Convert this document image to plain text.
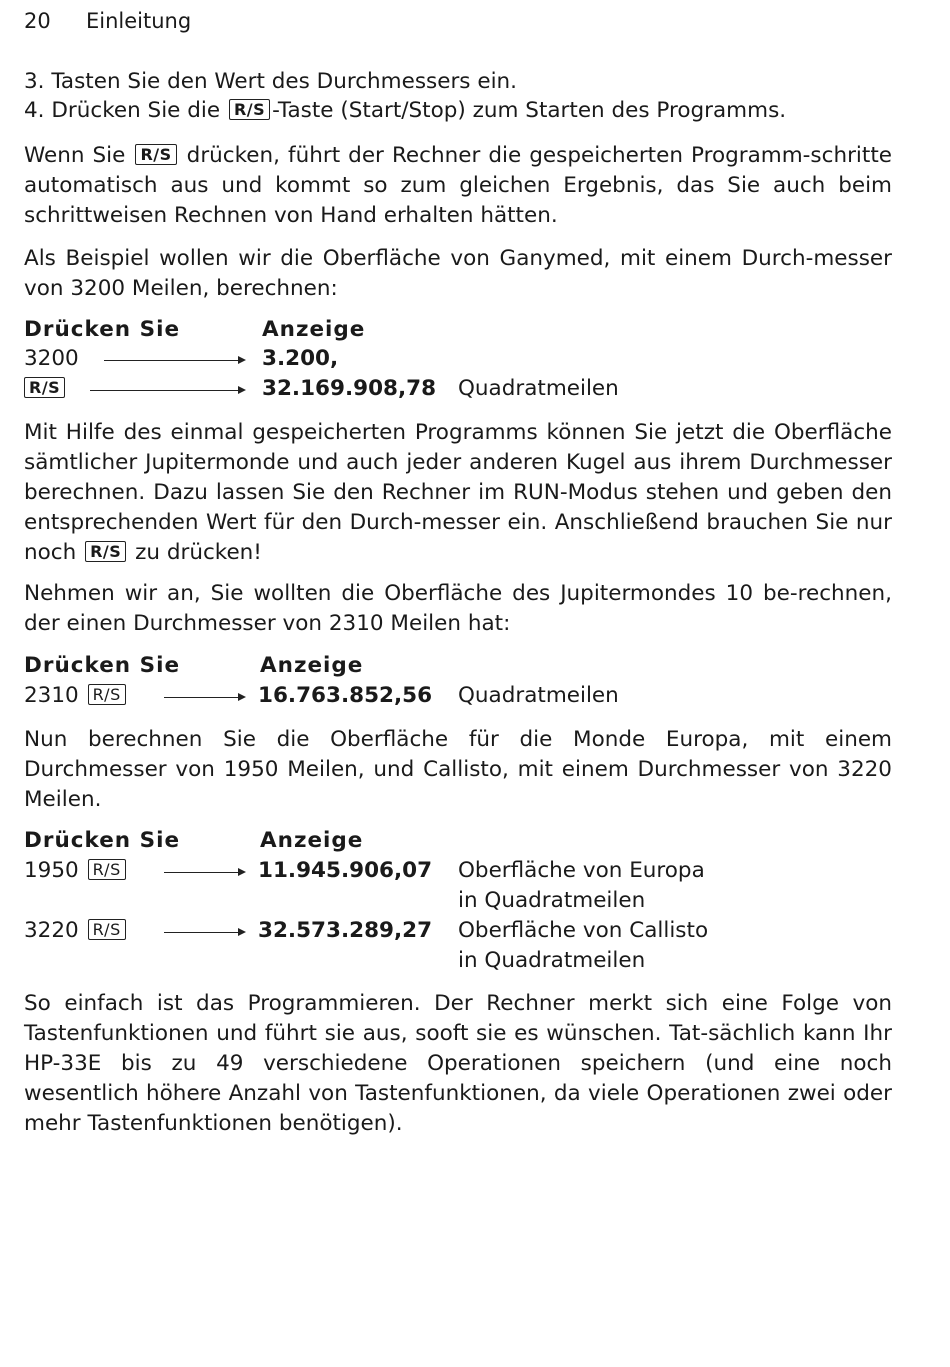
20 Einleitung
3. Tasten Sie den Wert des Durchmessers ein.
4. Drücken Sie die R/S -Taste (Start/Stop) zum Starten des Programms.

Wenn Sie R/S drücken, führt der Rechner die gespeicherten Programm-schritte automatisch aus und kommt so zum gleichen Ergebnis, das Sie auch beim schrittweisen Rechnen von Hand erhalten hätten.

Als Beispiel wollen wir die Oberfläche von Ganymed, mit einem Durch-messer von 3200 Meilen, berechnen:

Drücken Sie	Anzeige
3200	3.200,
R/S	32.169.908,78 Quadratmeilen

Mit Hilfe des einmal gespeicherten Programms können Sie jetzt die Oberfläche sämtlicher Jupitermonde und auch jeder anderen Kugel aus ihrem Durchmesser berechnen. Dazu lassen Sie den Rechner im RUN-Modus stehen und geben den entsprechenden Wert für den Durch-messer ein. Anschließend brauchen Sie nur noch R/S zu drücken!

Nehmen wir an, Sie wollten die Oberfläche des Jupitermondes 10 be-rechnen, der einen Durchmesser von 2310 Meilen hat:

Drücken Sie	Anzeige
2310 R/S	16.763.852,56 Quadratmeilen

Nun berechnen Sie die Oberfläche für die Monde Europa, mit einem Durchmesser von 1950 Meilen, und Callisto, mit einem Durchmesser von 3220 Meilen.

Drücken Sie	Anzeige
1950 R/S	11.945.906,07 Oberfläche von Europa
in Quadratmeilen
3220 R/S	32.573.289,27 Oberfläche von Callisto
in Quadratmeilen

So einfach ist das Programmieren. Der Rechner merkt sich eine Folge von Tastenfunktionen und führt sie aus, sooft sie es wünschen. Tat-sächlich kann Ihr HP-33E bis zu 49 verschiedene Operationen speichern (und eine noch wesentlich höhere Anzahl von Tastenfunktionen, da viele Operationen zwei oder mehr Tastenfunktionen benötigen).
